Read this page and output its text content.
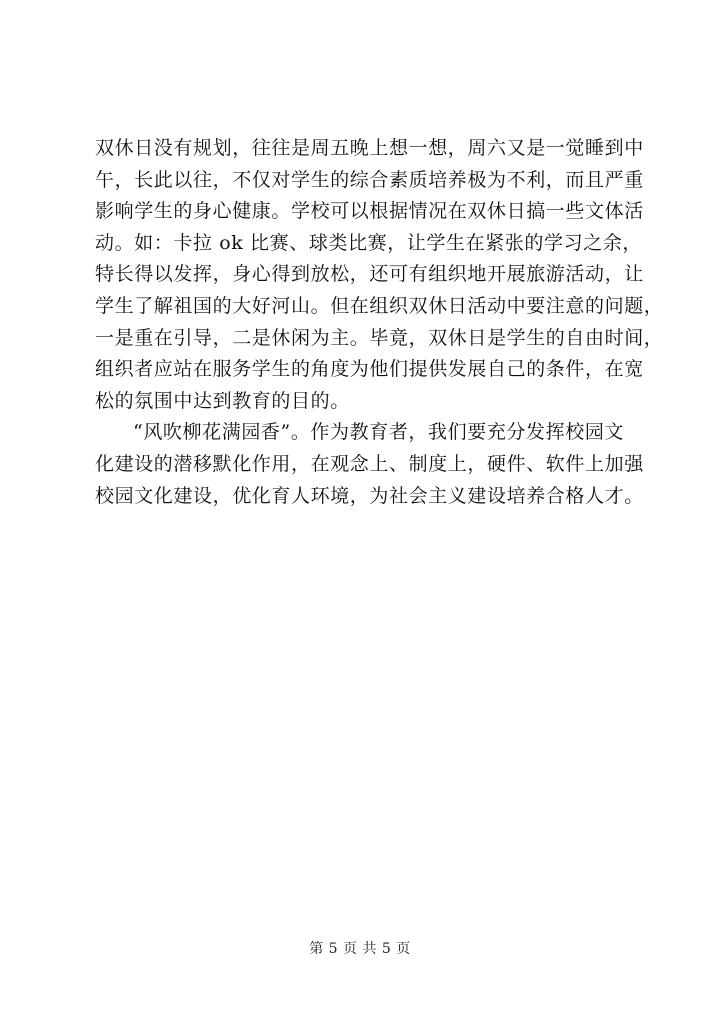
双休日没有规划，往往是周五晚上想一想，周六又是一觉睡到中
午，长此以往，不仅对学生的综合素质培养极为不利，而且严重
影响学生的身心健康。学校可以根据情况在双休日搞一些文体活
动。如：卡拉 ok 比赛、球类比赛，让学生在紧张的学习之余，
特长得以发挥，身心得到放松，还可有组织地开展旅游活动，让
学生了解祖国的大好河山。但在组织双休日活动中要注意的问题，
一是重在引导，二是休闲为主。毕竟，双休日是学生的自由时间，
组织者应站在服务学生的角度为他们提供发展自己的条件，在宽
松的氛围中达到教育的目的。
“风吹柳花满园香”。作为教育者，我们要充分发挥校园文
化建设的潜移默化作用，在观念上、制度上，硬件、软件上加强
校园文化建设，优化育人环境，为社会主义建设培养合格人才。
第 5 页 共 5 页
